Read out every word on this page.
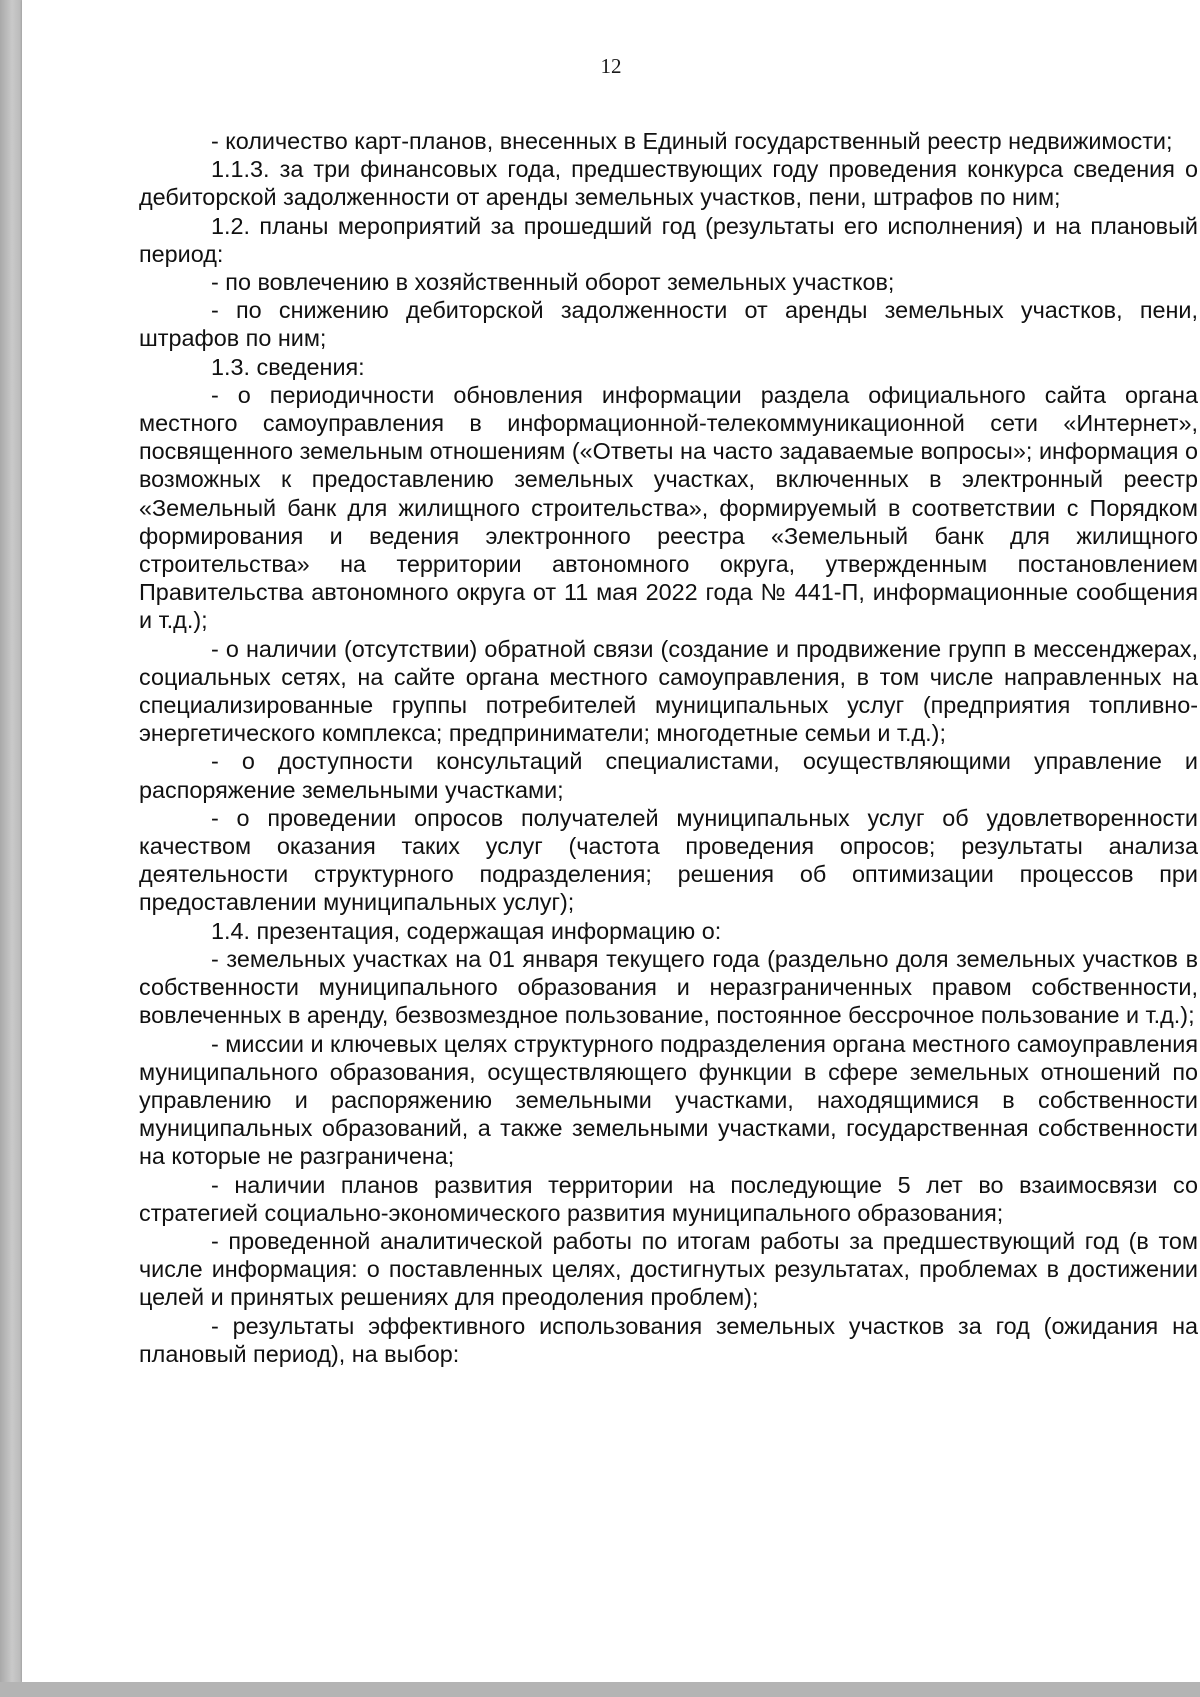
12

- количество карт-планов, внесенных в Единый государственный реестр недвижимости;

1.1.3. за три финансовых года, предшествующих году проведения конкурса сведения о дебиторской задолженности от аренды земельных участков, пени, штрафов по ним;

1.2. планы мероприятий за прошедший год (результаты его исполнения) и на плановый период:

- по вовлечению в хозяйственный оборот земельных участков;

- по снижению дебиторской задолженности от аренды земельных участков, пени, штрафов по ним;

1.3. сведения:

- о периодичности обновления информации раздела официального сайта органа местного самоуправления в информационной-телекоммуникационной сети «Интернет», посвященного земельным отношениям («Ответы на часто задаваемые вопросы»; информация о возможных к предоставлению земельных участках, включенных в электронный реестр «Земельный банк для жилищного строительства», формируемый в соответствии с Порядком формирования и ведения электронного реестра «Земельный банк для жилищного строительства» на территории автономного округа, утвержденным постановлением Правительства автономного округа от 11 мая 2022 года № 441-П, информационные сообщения и т.д.);

- о наличии (отсутствии) обратной связи (создание и продвижение групп в мессенджерах, социальных сетях, на сайте органа местного самоуправления, в том числе направленных на специализированные группы потребителей муниципальных услуг (предприятия топливно-энергетического комплекса; предприниматели; многодетные семьи и т.д.);

- о доступности консультаций специалистами, осуществляющими управление и распоряжение земельными участками;

- о проведении опросов получателей муниципальных услуг об удовлетворенности качеством оказания таких услуг (частота проведения опросов; результаты анализа деятельности структурного подразделения; решения об оптимизации процессов при предоставлении муниципальных услуг);

1.4. презентация, содержащая информацию о:

- земельных участках на 01 января текущего года (раздельно доля земельных участков в собственности муниципального образования и неразграниченных правом собственности, вовлеченных в аренду, безвозмездное пользование, постоянное бессрочное пользование и т.д.);

- миссии и ключевых целях структурного подразделения органа местного самоуправления муниципального образования, осуществляющего функции в сфере земельных отношений по управлению и распоряжению земельными участками, находящимися в собственности муниципальных образований, а также земельными участками, государственная собственности на которые не разграничена;

- наличии планов развития территории на последующие 5 лет во взаимосвязи со стратегией социально-экономического развития муниципального образования;

- проведенной аналитической работы по итогам работы за предшествующий год (в том числе информация: о поставленных целях, достигнутых результатах, проблемах в достижении целей и принятых решениях для преодоления проблем);

- результаты эффективного использования земельных участков за год (ожидания на плановый период), на выбор:
